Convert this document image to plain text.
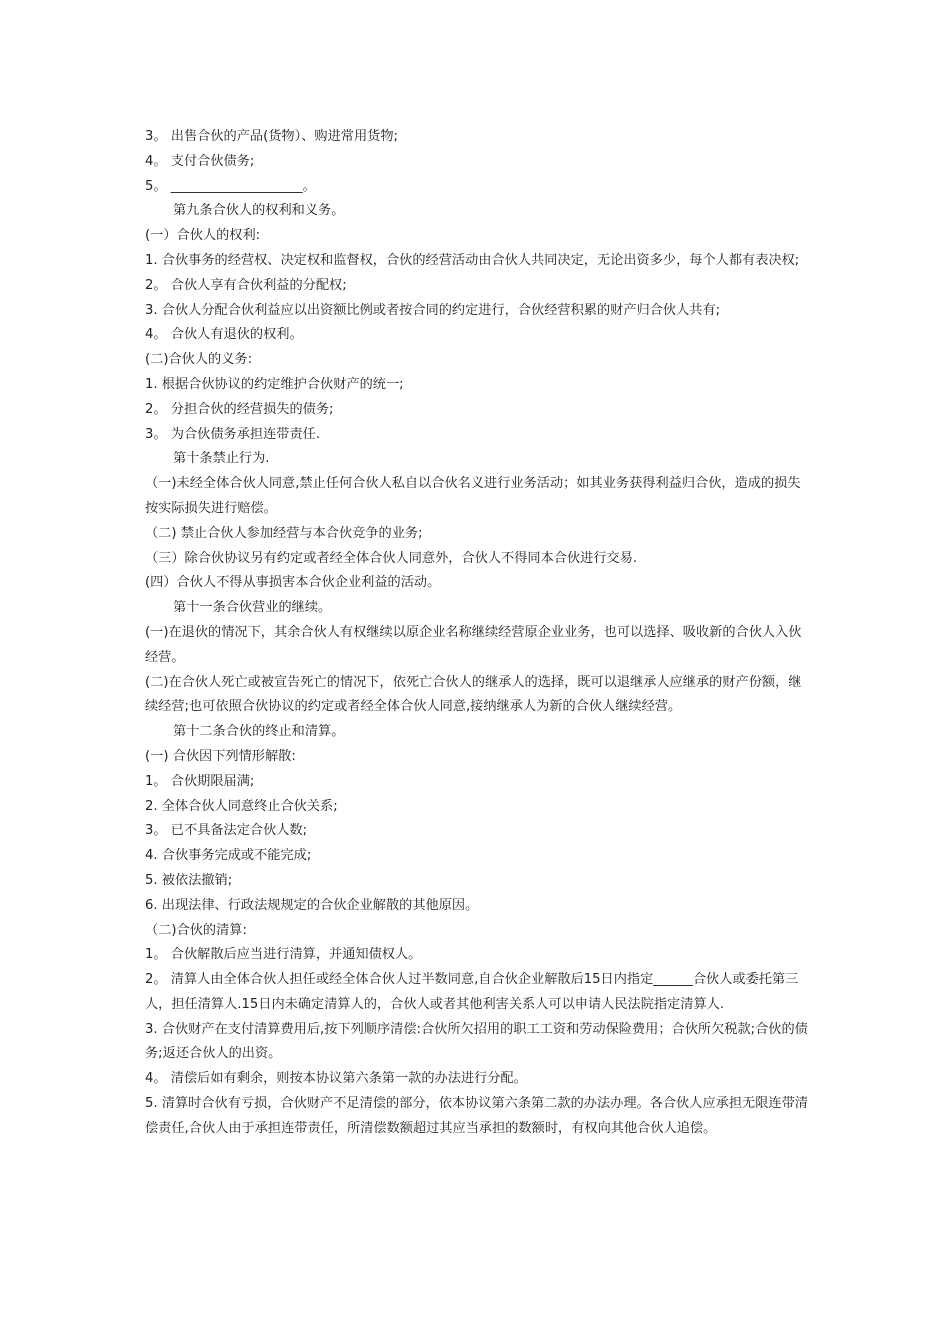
3。 出售合伙的产品(货物）、购进常用货物;

4。 支付合伙债务;

5。 ____________________。

第九条合伙人的权利和义务。

(一）合伙人的权利:

1. 合伙事务的经营权、决定权和监督权，合伙的经营活动由合伙人共同决定，无论出资多少，每个人都有表决权;

2。 合伙人享有合伙利益的分配权;

3. 合伙人分配合伙利益应以出资额比例或者按合同的约定进行，合伙经营积累的财产归合伙人共有;

4。 合伙人有退伙的权利。

(二)合伙人的义务:

1. 根据合伙协议的约定维护合伙财产的统一;

2。 分担合伙的经营损失的债务;

3。 为合伙债务承担连带责任.

第十条禁止行为.

（一)未经全体合伙人同意,禁止任何合伙人私自以合伙名义进行业务活动；如其业务获得利益归合伙，造成的损失按实际损失进行赔偿。

（二) 禁止合伙人参加经营与本合伙竞争的业务;

（三）除合伙协议另有约定或者经全体合伙人同意外，合伙人不得同本合伙进行交易.

(四）合伙人不得从事损害本合伙企业利益的活动。

第十一条合伙营业的继续。

(一)在退伙的情况下，其余合伙人有权继续以原企业名称继续经营原企业业务，也可以选择、吸收新的合伙人入伙经营。

(二)在合伙人死亡或被宣告死亡的情况下，依死亡合伙人的继承人的选择，既可以退继承人应继承的财产份额，继续经营;也可依照合伙协议的约定或者经全体合伙人同意,接纳继承人为新的合伙人继续经营。

第十二条合伙的终止和清算。

(一) 合伙因下列情形解散:

1。 合伙期限届满;

2. 全体合伙人同意终止合伙关系;

3。 已不具备法定合伙人数;

4. 合伙事务完成或不能完成;

5. 被依法撤销;

6. 出现法律、行政法规规定的合伙企业解散的其他原因。

（二)合伙的清算:

1。 合伙解散后应当进行清算，并通知债权人。

2。 清算人由全体合伙人担任或经全体合伙人过半数同意,自合伙企业解散后15日内指定______合伙人或委托第三人，担任清算人.15日内未确定清算人的，合伙人或者其他利害关系人可以申请人民法院指定清算人.

3. 合伙财产在支付清算费用后,按下列顺序清偿:合伙所欠招用的职工工资和劳动保险费用；合伙所欠税款;合伙的债务;返还合伙人的出资。

4。 清偿后如有剩余，则按本协议第六条第一款的办法进行分配。

5. 清算时合伙有亏损，合伙财产不足清偿的部分，依本协议第六条第二款的办法办理。各合伙人应承担无限连带清偿责任,合伙人由于承担连带责任，所清偿数额超过其应当承担的数额时，有权向其他合伙人追偿。
